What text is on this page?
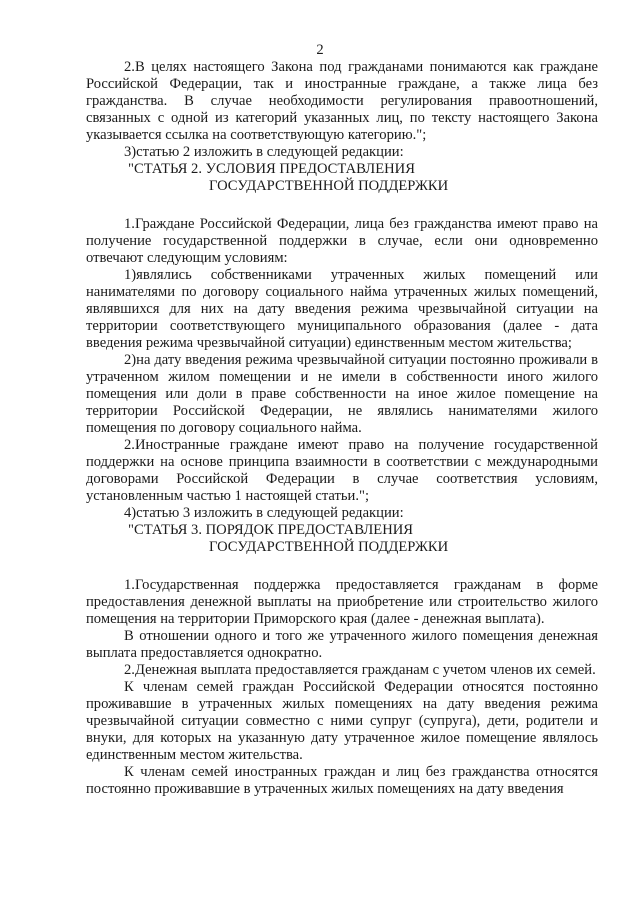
2

2.В целях настоящего Закона под гражданами понимаются как граждане Российской Федерации, так и иностранные граждане, а также лица без гражданства. В случае необходимости регулирования правоотношений, связанных с одной из категорий указанных лиц, по тексту настоящего Закона указывается ссылка на соответствующую категорию.";

3)статью 2 изложить в следующей редакции:

"СТАТЬЯ 2. УСЛОВИЯ ПРЕДОСТАВЛЕНИЯ
ГОСУДАРСТВЕННОЙ ПОДДЕРЖКИ

1.Граждане Российской Федерации, лица без гражданства имеют право на получение государственной поддержки в случае, если они одновременно отвечают следующим условиям:

1)являлись собственниками утраченных жилых помещений или нанимателями по договору социального найма утраченных жилых помещений, являвшихся для них на дату введения режима чрезвычайной ситуации на территории соответствующего муниципального образования (далее - дата введения режима чрезвычайной ситуации) единственным местом жительства;

2)на дату введения режима чрезвычайной ситуации постоянно проживали в утраченном жилом помещении и не имели в собственности иного жилого помещения или доли в праве собственности на иное жилое помещение на территории Российской Федерации, не являлись нанимателями жилого помещения по договору социального найма.

2.Иностранные граждане имеют право на получение государственной поддержки на основе принципа взаимности в соответствии с международными договорами Российской Федерации в случае соответствия условиям, установленным частью 1 настоящей статьи.";

4)статью 3 изложить в следующей редакции:

"СТАТЬЯ 3. ПОРЯДОК ПРЕДОСТАВЛЕНИЯ
ГОСУДАРСТВЕННОЙ ПОДДЕРЖКИ

1.Государственная поддержка предоставляется гражданам в форме предоставления денежной выплаты на приобретение или строительство жилого помещения на территории Приморского края (далее - денежная выплата).

В отношении одного и того же утраченного жилого помещения денежная выплата предоставляется однократно.

2.Денежная выплата предоставляется гражданам с учетом членов их семей.

К членам семей граждан Российской Федерации относятся постоянно проживавшие в утраченных жилых помещениях на дату введения режима чрезвычайной ситуации совместно с ними супруг (супруга), дети, родители и внуки, для которых на указанную дату утраченное жилое помещение являлось единственным местом жительства.

К членам семей иностранных граждан и лиц без гражданства относятся постоянно проживавшие в утраченных жилых помещениях на дату введения
